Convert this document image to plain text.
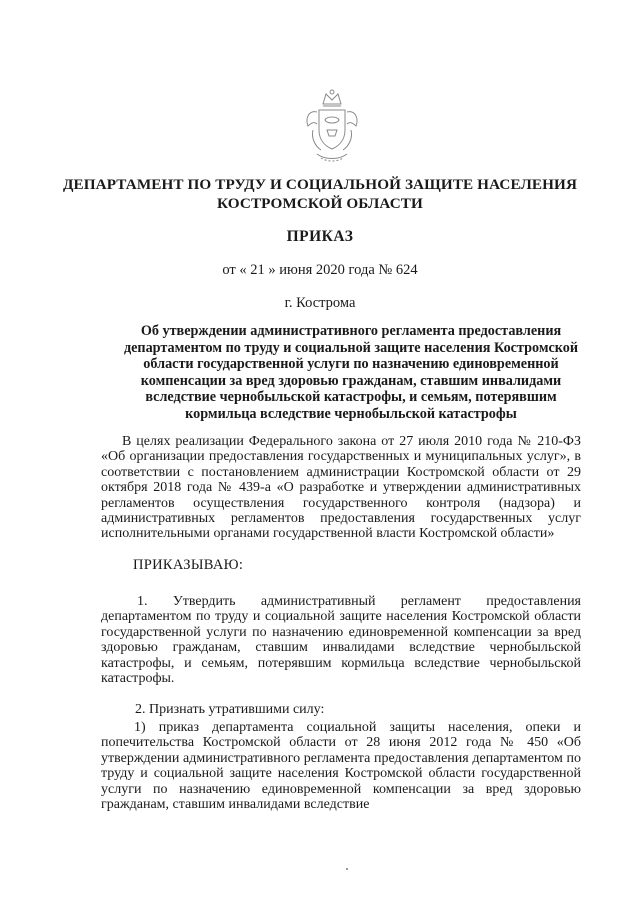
ДЕПАРТАМЕНТ ПО ТРУДУ И СОЦИАЛЬНОЙ ЗАЩИТЕ НАСЕЛЕНИЯ КОСТРОМСКОЙ ОБЛАСТИ
ПРИКАЗ
от « 21 » июня 2020 года № 624
г. Кострома
Об утверждении административного регламента предоставления департаментом по труду и социальной защите населения Костромской области государственной услуги по назначению единовременной компенсации за вред здоровью гражданам, ставшим инвалидами вследствие чернобыльской катастрофы, и семьям, потерявшим кормильца вследствие чернобыльской катастрофы
В целях реализации Федерального закона от 27 июля 2010 года № 210-ФЗ «Об организации предоставления государственных и муниципальных услуг», в соответствии с постановлением администрации Костромской области от 29 октября 2018 года № 439-а «О разработке и утверждении административных регламентов осуществления государственного контроля (надзора) и административных регламентов предоставления государственных услуг исполнительными органами государственной власти Костромской области»
ПРИКАЗЫВАЮ:
1. Утвердить административный регламент предоставления департаментом по труду и социальной защите населения Костромской области государственной услуги по назначению единовременной компенсации за вред здоровью гражданам, ставшим инвалидами вследствие чернобыльской катастрофы, и семьям, потерявшим кормильца вследствие чернобыльской катастрофы.
2. Признать утратившими силу:
1) приказ департамента социальной защиты населения, опеки и попечительства Костромской области от 28 июня 2012 года № 450 «Об утверждении административного регламента предоставления департаментом по труду и социальной защите населения Костромской области государственной услуги по назначению единовременной компенсации за вред здоровью гражданам, ставшим инвалидами вследствие
